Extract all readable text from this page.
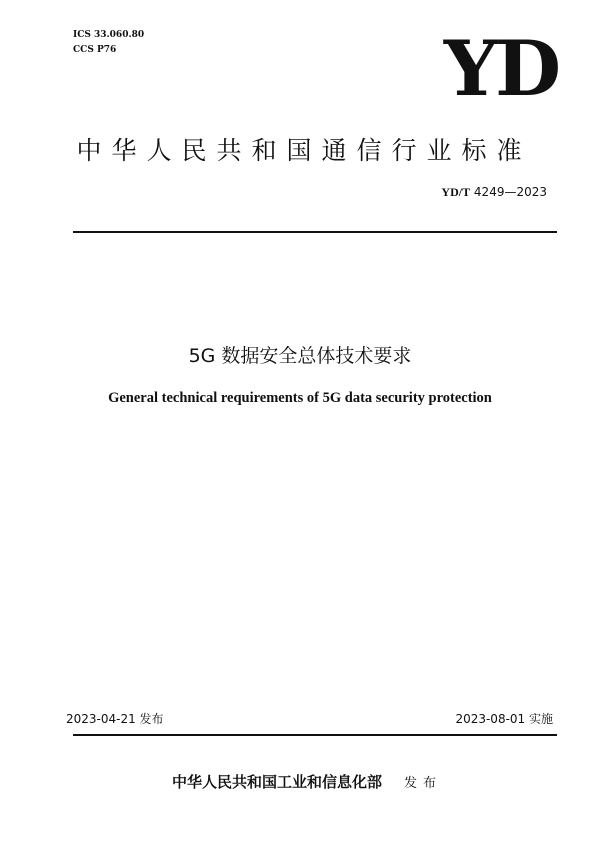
ICS 33.060.80
CCS P76	YD
中华人民共和国通信行业标准
YD/T 4249—2023
5G 数据安全总体技术要求
General technical requirements of 5G data security protection
2023-04-21 发布	2023-08-01 实施
中华人民共和国工业和信息化部 发布
